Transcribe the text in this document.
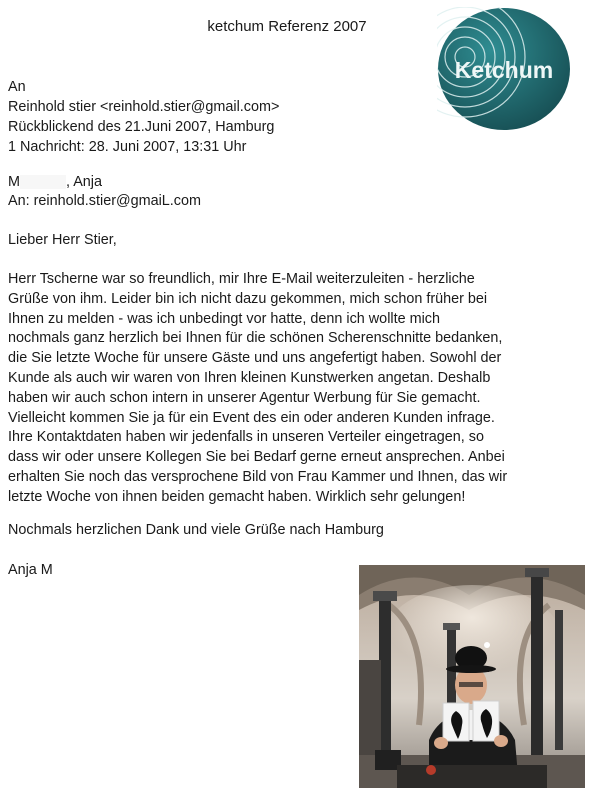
ketchum Referenz 2007
Ketchum
An
Reinhold stier <reinhold.stier@gmail.com>
Rückblickend des 21.Juni 2007, Hamburg
1 Nachricht: 28. Juni 2007, 13:31 Uhr
M	, Anja
An: reinhold.stier@gmaiL.com
Lieber Herr Stier,
Herr Tscherne war so freundlich, mir Ihre E-Mail weiterzuleiten - herzliche
Grüße von ihm. Leider bin ich nicht dazu gekommen, mich schon früher bei
Ihnen zu melden - was ich unbedingt vor hatte, denn ich wollte mich
nochmals ganz herzlich bei Ihnen für die schönen Scherenschnitte bedanken,
die Sie letzte Woche für unsere Gäste und uns angefertigt haben. Sowohl der
Kunde als auch wir waren von Ihren kleinen Kunstwerken angetan. Deshalb
haben wir auch schon intern in unserer Agentur Werbung für Sie gemacht.
Vielleicht kommen Sie ja für ein Event des ein oder anderen Kunden infrage.
Ihre Kontaktdaten haben wir jedenfalls in unseren Verteiler eingetragen, so
dass wir oder unsere Kollegen Sie bei Bedarf gerne erneut ansprechen. Anbei
erhalten Sie noch das versprochene Bild von Frau Kammer und Ihnen, das wir
letzte Woche von ihnen beiden gemacht haben. Wirklich sehr gelungen!
Nochmals herzlichen Dank und viele Grüße nach Hamburg
Anja M
